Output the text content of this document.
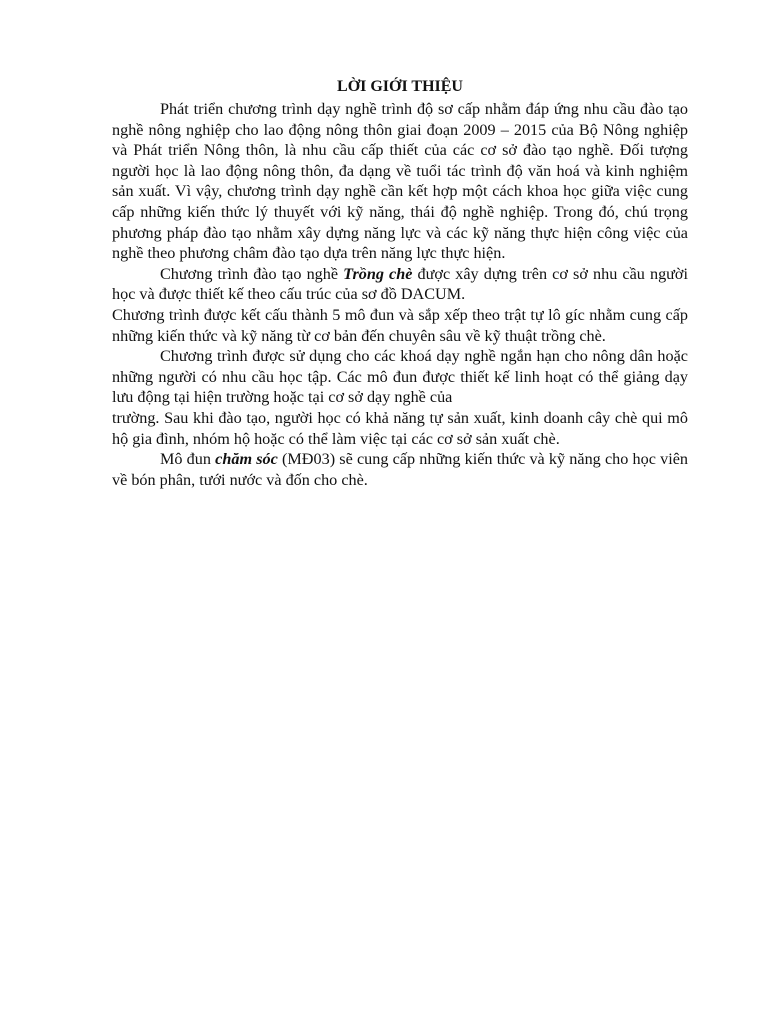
LỜI GIỚI THIỆU

Phát triển chương trình dạy nghề trình độ sơ cấp nhằm đáp ứng nhu cầu đào tạo nghề nông nghiệp cho lao động nông thôn giai đoạn 2009 – 2015 của Bộ Nông nghiệp và Phát triển Nông thôn, là nhu cầu cấp thiết của các cơ sở đào tạo nghề. Đối tượng người học là lao động nông thôn, đa dạng về tuổi tác trình độ văn hoá và kinh nghiệm sản xuất. Vì vậy, chương trình dạy nghề cần kết hợp một cách khoa học giữa việc cung cấp những kiến thức lý thuyết với kỹ năng, thái độ nghề nghiệp. Trong đó, chú trọng phương pháp đào tạo nhằm xây dựng năng lực và các kỹ năng thực hiện công việc của nghề theo phương châm đào tạo dựa trên năng lực thực hiện.

Chương trình đào tạo nghề Trồng chè được xây dựng trên cơ sở nhu cầu người học và được thiết kế theo cấu trúc của sơ đồ DACUM.

Chương trình được kết cấu thành 5 mô đun và sắp xếp theo trật tự lô gíc nhằm cung cấp những kiến thức và kỹ năng từ cơ bản đến chuyên sâu về kỹ thuật trồng chè.

Chương trình được sử dụng cho các khoá dạy nghề ngắn hạn cho nông dân hoặc những người có nhu cầu học tập. Các mô đun được thiết kế linh hoạt có thể giảng dạy lưu động tại hiện trường hoặc tại cơ sở dạy nghề của

trường. Sau khi đào tạo, người học có khả năng tự sản xuất, kinh doanh cây chè qui mô hộ gia đình, nhóm hộ hoặc có thể làm việc tại các cơ sở sản xuất chè.

Mô đun chăm sóc (MĐ03) sẽ cung cấp những kiến thức và kỹ năng cho học viên về bón phân, tưới nước và đốn cho chè.
